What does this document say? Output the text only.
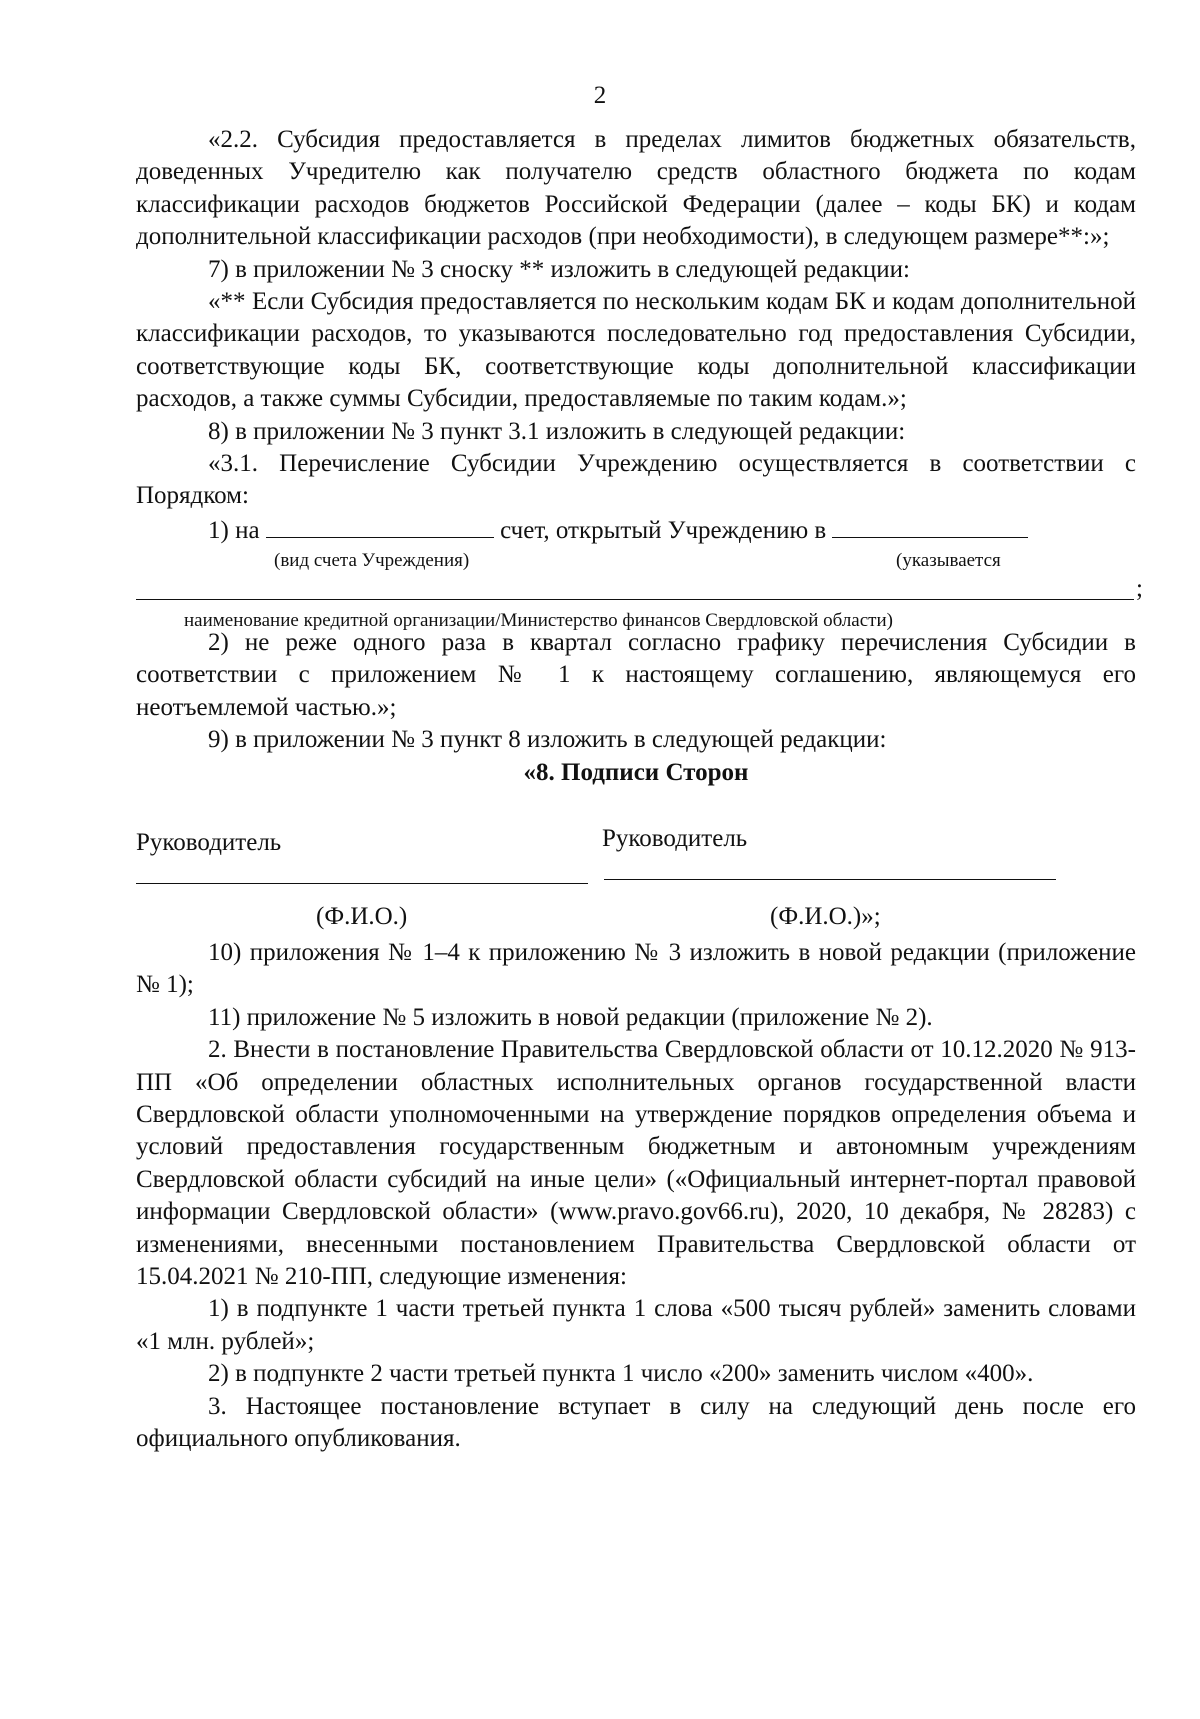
2

«2.2. Субсидия предоставляется в пределах лимитов бюджетных обязательств, доведенных Учредителю как получателю средств областного бюджета по кодам классификации расходов бюджетов Российской Федерации (далее – коды БК) и кодам дополнительной классификации расходов (при необходимости), в следующем размере**:»;

7) в приложении № 3 сноску ** изложить в следующей редакции:

«** Если Субсидия предоставляется по нескольким кодам БК и кодам дополнительной классификации расходов, то указываются последовательно год предоставления Субсидии, соответствующие коды БК, соответствующие коды дополнительной классификации расходов, а также суммы Субсидии, предоставляемые по таким кодам.»;

8) в приложении № 3 пункт 3.1 изложить в следующей редакции:

«3.1. Перечисление Субсидии Учреждению осуществляется в соответствии с Порядком:

1) на	счет, открытый Учреждению в
(вид счета Учреждения)	(указывается
;
наименование кредитной организации/Министерство финансов Свердловской области)

2) не реже одного раза в квартал согласно графику перечисления Субсидии в соответствии с приложением № 1 к настоящему соглашению, являющемуся его неотъемлемой частью.»;

9) в приложении № 3 пункт 8 изложить в следующей редакции:

«8. Подписи Сторон
Руководитель	Руководитель
(Ф.И.О.)	(Ф.И.О.)»;

10) приложения № 1–4 к приложению № 3 изложить в новой редакции (приложение № 1);

11) приложение № 5 изложить в новой редакции (приложение № 2).

2. Внести в постановление Правительства Свердловской области от 10.12.2020 № 913-ПП «Об определении областных исполнительных органов государственной власти Свердловской области уполномоченными на утверждение порядков определения объема и условий предоставления государственным бюджетным и автономным учреждениям Свердловской области субсидий на иные цели» («Официальный интернет-портал правовой информации Свердловской области» (www.pravo.gov66.ru), 2020, 10 декабря, № 28283) с изменениями, внесенными постановлением Правительства Свердловской области от 15.04.2021 № 210-ПП, следующие изменения:

1) в подпункте 1 части третьей пункта 1 слова «500 тысяч рублей» заменить словами «1 млн. рублей»;

2) в подпункте 2 части третьей пункта 1 число «200» заменить числом «400».

3. Настоящее постановление вступает в силу на следующий день после его официального опубликования.
